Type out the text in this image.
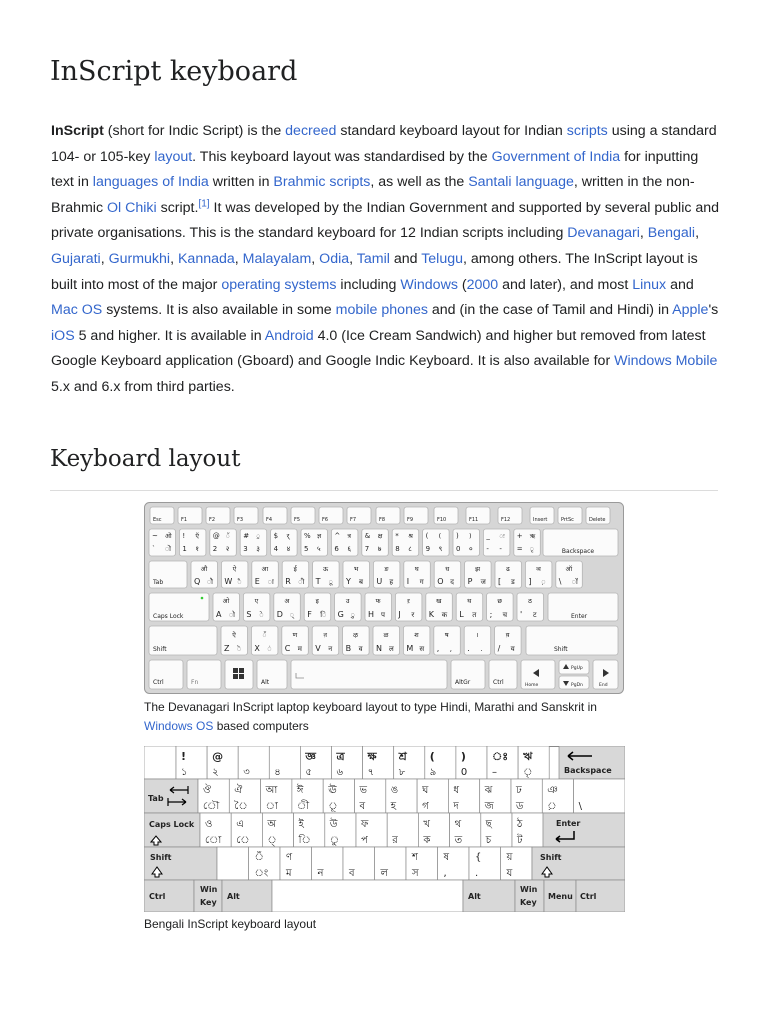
InScript keyboard

InScript (short for Indic Script) is the decreed standard keyboard layout for Indian scripts using a standard 104- or 105-key layout. This keyboard layout was standardised by the Government of India for inputting text in languages of India written in Brahmic scripts, as well as the Santali language, written in the non-Brahmic Ol Chiki script.[1] It was developed by the Indian Government and supported by several public and private organisations. This is the standard keyboard for 12 Indian scripts including Devanagari, Bengali, Gujarati, Gurmukhi, Kannada, Malayalam, Odia, Tamil and Telugu, among others. The InScript layout is built into most of the major operating systems including Windows (2000 and later), and most Linux and Mac OS systems. It is also available in some mobile phones and (in the case of Tamil and Hindi) in Apple's iOS 5 and higher. It is available in Android 4.0 (Ice Cream Sandwich) and higher but removed from latest Google Keyboard application (Gboard) and Google Indic Keyboard. It is also available for Windows Mobile 5.x and 6.x from third parties.

Keyboard layout
Esc	F1	F2	F3	F4	F5	F6	F7	F8	F9	F10	F11	F12	Insert	PrtSc	Delete
~
`
ऒ
ॊ
!
1
ऍ
१
@
2
ॅ
२
#
3
्र
३
$
4
र्
४
%
5
ज्ञ
५
^
6
त्र
६
&
7
क्ष
७
*
8
श्र
८
(
9
(
९
)
0
)
०
_
-
ः
-
+
=
ऋ
ृ	Backspace
Tab	Q ौ
औ
W ै
ऐ
E ा
आ
R ी
ई
T ू
ऊ
Y ब
भ
U ह
ङ
I ग
घ
O द
ध
P ज
झ
[ ड
ढ
] ़
ञ
\ ॉ
ऑ
Caps Lock	A ो
ओ
S े
ए
D ्
अ
F ि
इ
G ु
उ
H प
फ
J र
ऱ
K क
ख
L त
थ
; च
छ
' ट
ठ
Enter
Shift	Z ॆ
ऎ
X ं
ँ
C म
ण
V न
ऩ
B व
ऴ
N ल
ळ
M स
श
, ,
ष
. .
।
/ य
य़
Shift
Ctrl	Fn	Alt	AltGr	Ctrl	Home
PgUp
PgDn	End
The Devanagari InScript laptop keyboard layout to type Hindi, Marathi and Sanskrit in Windows OS based computers
!
১
@
২ ৩ ৪
জ্ঞ
৫
ত্র
৬
ক্ষ
৭
শ্র
৮
(
৯
)
0
ঃ
–
ঋ
ৃ	Backspace
Tab
ঔ
ৌ
ঐ
ৈ
আ
া
ঈ
ী
ঊ
ূ
ভ
ব
ঙ
হ
ঘ
গ
ধ
দ
ঝ
জ
ঢ
ড
ঞ
় \
Caps Lock ও
ো
এ
ে
অ
্
ই
ি
উ
ু
ফ
প র
খ
ক
থ
ত
ছ
চ
ঠ
ট
Enter
Shift	ঁ
ং
ণ
ম	ন	ব	ল
শ
স
ষ
,
{
.
য়
য
Shift
Ctrl
Win
Key
Alt	Alt
Win
Key
Menu Ctrl
Bengali InScript keyboard layout
